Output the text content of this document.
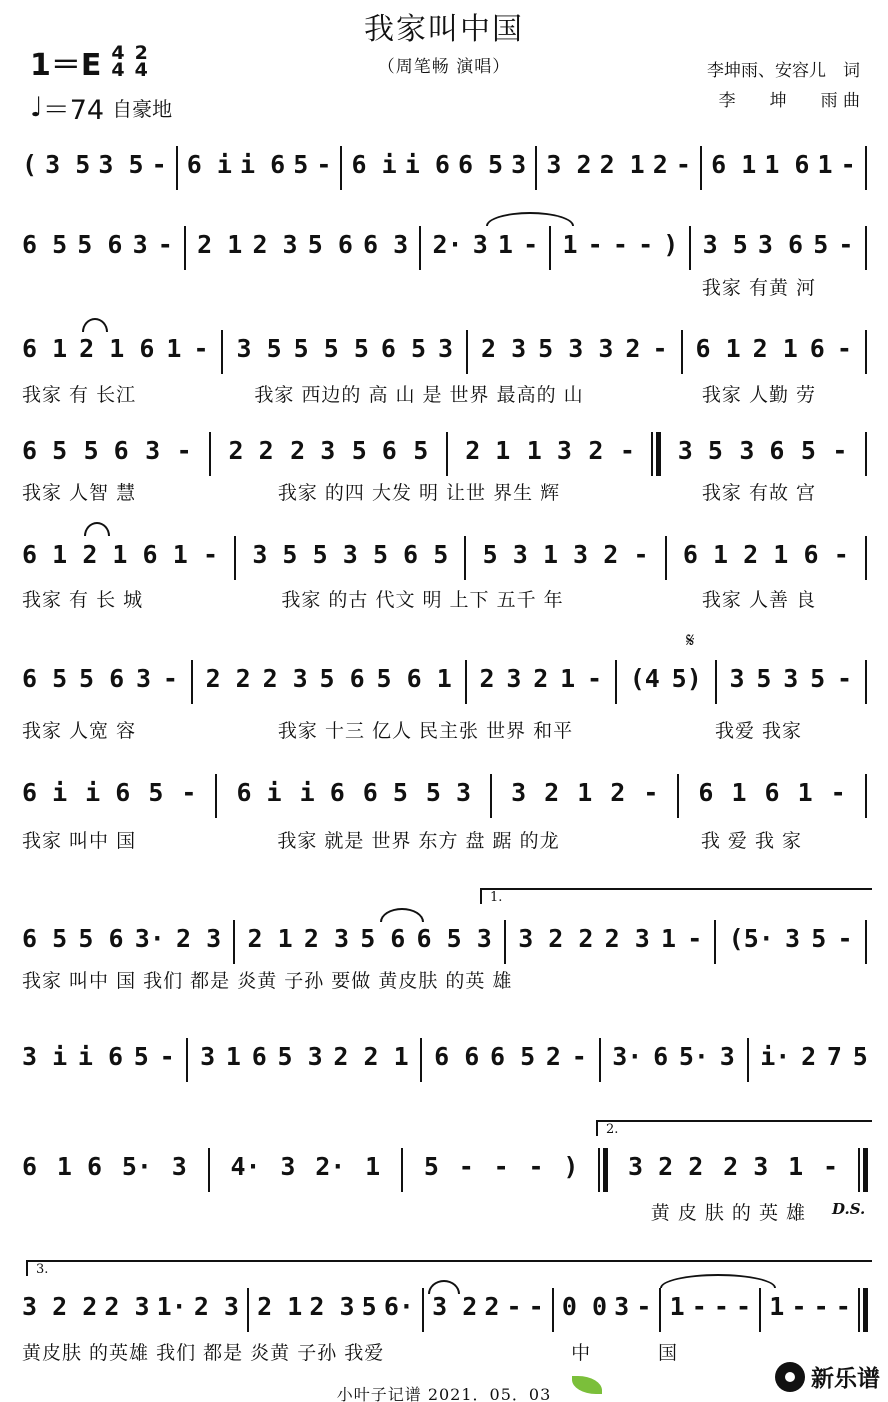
我家叫中国
（周笔畅 演唱）
1＝E 4
4
2
4
♩ ＝74 自豪地
李坤雨、安容儿　词
李　　坤　　雨 曲
( 3 5 3 5 - 6 i i 6 5 - 6 i i 6 6 5 3 3 2 2 1 2 - 6 1 1 6 1 -
6 5 5 6 3 - 2 1 2 3 5 6 6 3 2· 3 1 - 1 - - - ) 3 5 3 6 5 -
6 1 2 1 6 1 - 3 5 5 5 5 6 5 3 2 3 5 3 3 2 - 6 1 2 1 6 -
6 5 5 6 3 - 2 2 2 3 5 6 5 2 1 1 3 2 - 3 5 3 6 5 -
6 1 2 1 6 1 - 3 5 5 3 5 6 5 5 3 1 3 2 - 6 1 2 1 6 -
6 5 5 6 3 - 2 2 2 3 5 6 5 6 1 2 3 2 1 - (4 5) 3 5 3 5 -
6 i i 6 5 - 6 i i 6 6 5 5 3 3 2 1 2 - 6 1 6 1 -
6 5 5 6 3· 2 3 2 1 2 3 5 6 6 5 3 3 2 2 2 3 1 - (5· 3 5 -
3 i i 6 5 - 3 1 6 5 3 2 2 1 6 6 6 5 2 - 3· 6 5· 3 i· 2 7 5
6 1 6 5· 3 4· 3 2· 1 5 - - - ) 3 2 2 2 3 1 -
3 2 2 2 3 1· 2 3 2 1 2 3 5 6· 3 2 2 - - 0 0 3 - 1 - - - 1 - - -
我家 有黄 河
我家 有 长江	我家 西边的 高 山 是 世界 最高的 山	我家 人勤 劳
我家 人智 慧	我家 的四 大发 明 让世 界生 辉	我家 有故 宫
我家 有 长 城	我家 的古 代文 明 上下 五千 年	我家 人善 良
我家 人宽 容	我家 十三 亿人 民主张 世界 和平	我爱 我家
我家 叫中 国	我家 就是 世界 东方 盘 踞 的龙	我 爱 我 家
我家 叫中 国 我们 都是 炎黄 子孙 要做 黄皮肤 的英 雄
黄 皮 肤 的 英 雄
黄皮肤 的英雄 我们 都是 炎黄 子孙 我爱	中	国
𝄋
1.
2.
3.
D.S.
小叶子记谱 2021．05．03
新乐谱
